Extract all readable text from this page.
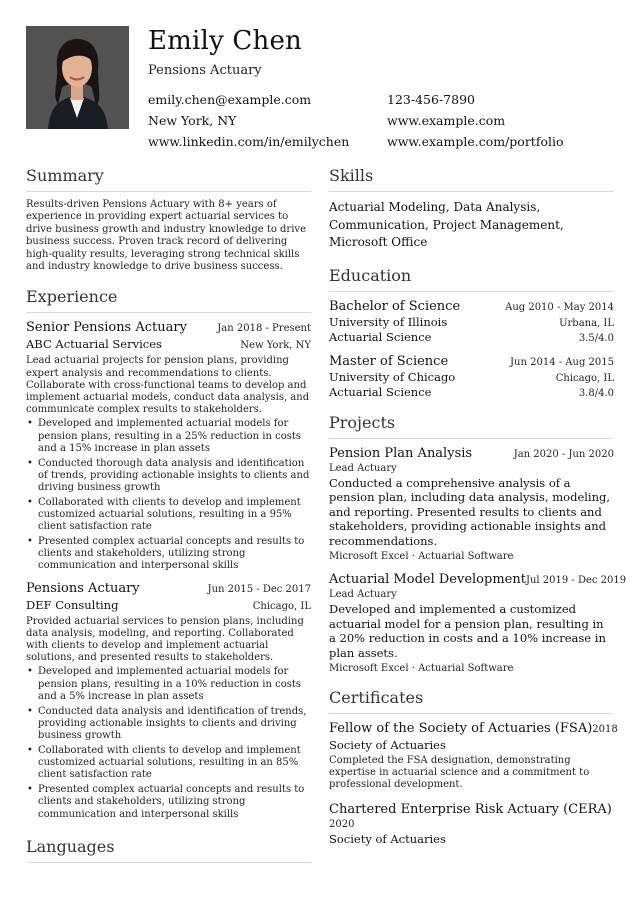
Emily Chen
Pensions Actuary
emily.chen@example.com	123-456-7890
New York, NY	www.example.com
www.linkedin.com/in/emilychen	www.example.com/portfolio
Summary
Results-driven Pensions Actuary with 8+ years of experience in providing expert actuarial services to drive business growth and industry knowledge to drive business success. Proven track record of delivering high-quality results, leveraging strong technical skills and industry knowledge to drive business success.
Experience
Senior Pensions Actuary	Jan 2018 - Present
ABC Actuarial Services	New York, NY
Lead actuarial projects for pension plans, providing expert analysis and recommendations to clients. Collaborate with cross-functional teams to develop and implement actuarial models, conduct data analysis, and communicate complex results to stakeholders.
• Developed and implemented actuarial models for pension plans, resulting in a 25% reduction in costs and a 15% increase in plan assets
• Conducted thorough data analysis and identification of trends, providing actionable insights to clients and driving business growth
• Collaborated with clients to develop and implement customized actuarial solutions, resulting in a 95% client satisfaction rate
• Presented complex actuarial concepts and results to clients and stakeholders, utilizing strong communication and interpersonal skills
Pensions Actuary	Jun 2015 - Dec 2017
DEF Consulting	Chicago, IL
Provided actuarial services to pension plans, including data analysis, modeling, and reporting. Collaborated with clients to develop and implement actuarial solutions, and presented results to stakeholders.
• Developed and implemented actuarial models for pension plans, resulting in a 10% reduction in costs and a 5% increase in plan assets
• Conducted data analysis and identification of trends, providing actionable insights to clients and driving business growth
• Collaborated with clients to develop and implement customized actuarial solutions, resulting in an 85% client satisfaction rate
• Presented complex actuarial concepts and results to clients and stakeholders, utilizing strong communication and interpersonal skills
Languages
Skills
Actuarial Modeling, Data Analysis,
Communication, Project Management,
Microsoft Office
Education
Bachelor of Science	Aug 2010 - May 2014
University of Illinois	Urbana, IL
Actuarial Science	3.5/4.0
Master of Science	Jun 2014 - Aug 2015
University of Chicago	Chicago, IL
Actuarial Science	3.8/4.0
Projects
Pension Plan Analysis	Jan 2020 - Jun 2020
Lead Actuary
Conducted a comprehensive analysis of a pension plan, including data analysis, modeling, and reporting. Presented results to clients and stakeholders, providing actionable insights and recommendations.
Microsoft Excel · Actuarial Software
Actuarial Model Development Jul 2019 - Dec 2019
Lead Actuary
Developed and implemented a customized actuarial model for a pension plan, resulting in a 20% reduction in costs and a 10% increase in plan assets.
Microsoft Excel · Actuarial Software
Certificates
Fellow of the Society of Actuaries (FSA) 2018
Society of Actuaries
Completed the FSA designation, demonstrating expertise in actuarial science and a commitment to professional development.
Chartered Enterprise Risk Actuary (CERA)
2020
Society of Actuaries
